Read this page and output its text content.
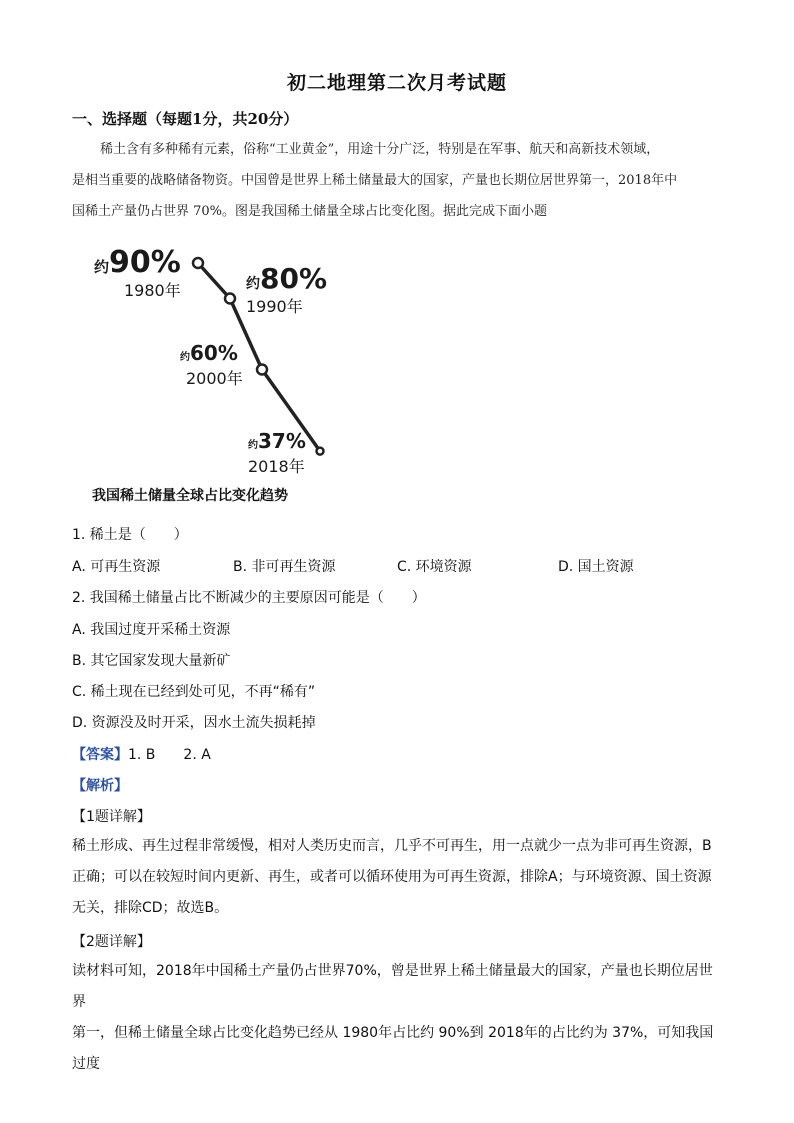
初二地理第二次月考试题
一、选择题（每题1分，共20分）
稀土含有多种稀有元素，俗称“工业黄金”，用途十分广泛，特别是在军事、航天和高新技术领域，
是相当重要的战略储备物资。中国曾是世界上稀土储量最大的国家，产量也长期位居世界第一，2018年中
国稀土产量仍占世界 70%。图是我国稀土储量全球占比变化图。据此完成下面小题
约90%
1980年	约80%
1990年
约60%
2000年
约37%
2018年
我国稀土储量全球占比变化趋势
1. 稀土是（　　）
A. 可再生资源	B. 非可再生资源	C. 环境资源	D. 国土资源
2. 我国稀土储量占比不断减少的主要原因可能是（　　）
A. 我国过度开采稀土资源
B. 其它国家发现大量新矿
C. 稀土现在已经到处可见，不再“稀有”
D. 资源没及时开采，因水土流失损耗掉
【答案】1. B　　2. A
【解析】
【1题详解】
稀土形成、再生过程非常缓慢，相对人类历史而言，几乎不可再生，用一点就少一点为非可再生资源，B
正确；可以在较短时间内更新、再生，或者可以循环使用为可再生资源，排除A；与环境资源、国土资源
无关，排除CD；故选B。
【2题详解】
读材料可知，2018年中国稀土产量仍占世界70%，曾是世界上稀土储量最大的国家，产量也长期位居世界
第一，但稀土储量全球占比变化趋势已经从 1980年占比约 90%到 2018年的占比约为 37%，可知我国过度
